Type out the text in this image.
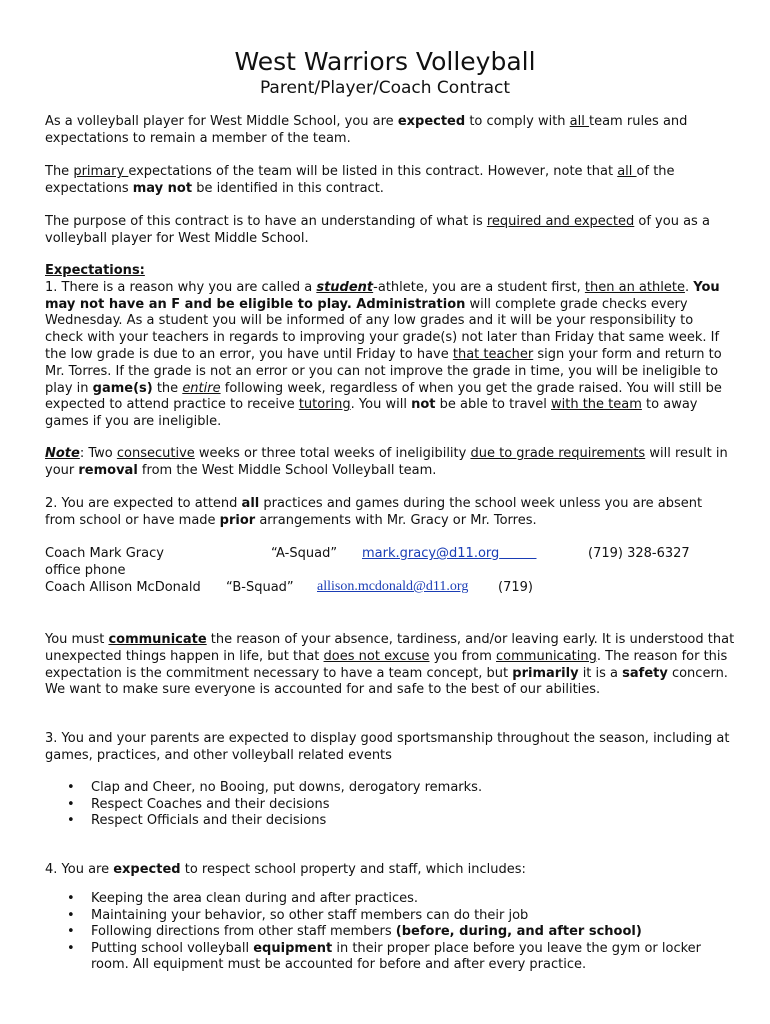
West Warriors Volleyball
Parent/Player/Coach Contract
As a volleyball player for West Middle School, you are expected to comply with all team rules and expectations to remain a member of the team.
The primary expectations of the team will be listed in this contract. However, note that all of the expectations may not be identified in this contract.
The purpose of this contract is to have an understanding of what is required and expected of you as a volleyball player for West Middle School.
Expectations:
1. There is a reason why you are called a student-athlete, you are a student first, then an athlete. You may not have an F and be eligible to play. Administration will complete grade checks every Wednesday. As a student you will be informed of any low grades and it will be your responsibility to check with your teachers in regards to improving your grade(s) not later than Friday that same week. If the low grade is due to an error, you have until Friday to have that teacher sign your form and return to Mr. Torres. If the grade is not an error or you can not improve the grade in time, you will be ineligible to play in game(s) the entire following week, regardless of when you get the grade raised. You will still be expected to attend practice to receive tutoring. You will not be able to travel with the team to away games if you are ineligible.
Note: Two consecutive weeks or three total weeks of ineligibility due to grade requirements will result in your removal from the West Middle School Volleyball team.
2. You are expected to attend all practices and games during the school week unless you are absent from school or have made prior arrangements with Mr. Gracy or Mr. Torres.
Coach Mark Gracy	“A-Squad” mark.gracy@d11.org	(719) 328-6327
office phone
Coach Allison McDonald “B-Squad” allison.mcdonald@d11.org (719)
You must communicate the reason of your absence, tardiness, and/or leaving early. It is understood that unexpected things happen in life, but that does not excuse you from communicating. The reason for this expectation is the commitment necessary to have a team concept, but primarily it is a safety concern. We want to make sure everyone is accounted for and safe to the best of our abilities.
3. You and your parents are expected to display good sportsmanship throughout the season, including at games, practices, and other volleyball related events
• Clap and Cheer, no Booing, put downs, derogatory remarks.
• Respect Coaches and their decisions
• Respect Officials and their decisions
4. You are expected to respect school property and staff, which includes:
• Keeping the area clean during and after practices.
• Maintaining your behavior, so other staff members can do their job
• Following directions from other staff members (before, during, and after school)
• Putting school volleyball equipment in their proper place before you leave the gym or locker room. All equipment must be accounted for before and after every practice.
